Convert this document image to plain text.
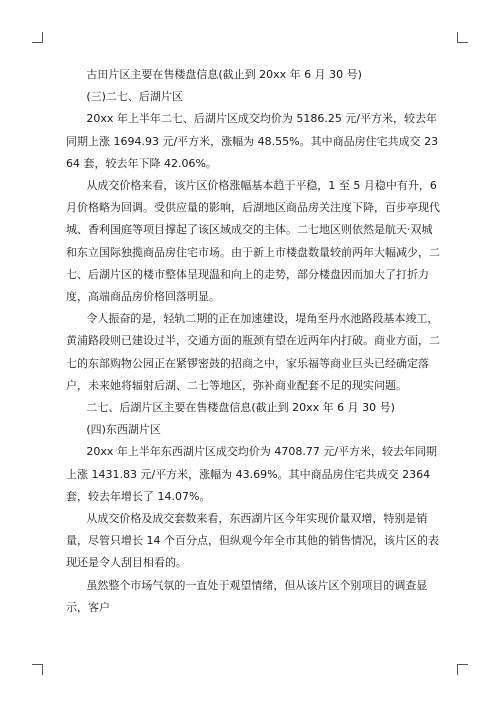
古田片区主要在售楼盘信息(截止到 20xx 年 6 月 30 号)

(三)二七、后湖片区

20xx 年上半年二七、后湖片区成交均价为 5186.25 元/平方米，较去年同期上涨 1694.93 元/平方米，涨幅为 48.55%。其中商品房住宅共成交 2364 套，较去年下降 42.06%。

从成交价格来看，该片区价格涨幅基本趋于平稳，1 至 5 月稳中有升，6 月价格略为回调。受供应量的影响，后湖地区商品房关注度下降，百步亭现代城、香利国庭等项目撑起了该区域成交的主体。二七地区则依然是航天·双城和东立国际独揽商品房住宅市场。由于新上市楼盘数量较前两年大幅减少，二七、后湖片区的楼市整体呈现温和向上的走势，部分楼盘因而加大了打折力度，高端商品房价格回落明显。

令人振奋的是，轻轨二期的正在加速建设，堤角至丹水池路段基本竣工，黄浦路段则已建设过半，交通方面的瓶颈有望在近两年内打破。商业方面，二七的东部购物公园正在紧锣密鼓的招商之中，家乐福等商业巨头已经确定落户，未来她将辐射后湖、二七等地区，弥补商业配套不足的现实问题。

二七、后湖片区主要在售楼盘信息(截止到 20xx 年 6 月 30 号)

(四)东西湖片区

20xx 年上半年东西湖片区成交均价为 4708.77 元/平方米，较去年同期上涨 1431.83 元/平方米，涨幅为 43.69%。其中商品房住宅共成交 2364 套，较去年增长了 14.07%。

从成交价格及成交套数来看，东西湖片区今年实现价量双增，特别是销量，尽管只增长 14 个百分点，但纵观今年全市其他的销售情况，该片区的表现还是令人刮目相看的。

虽然整个市场气氛的一直处于观望情绪，但从该片区个别项目的调查显示，客户
